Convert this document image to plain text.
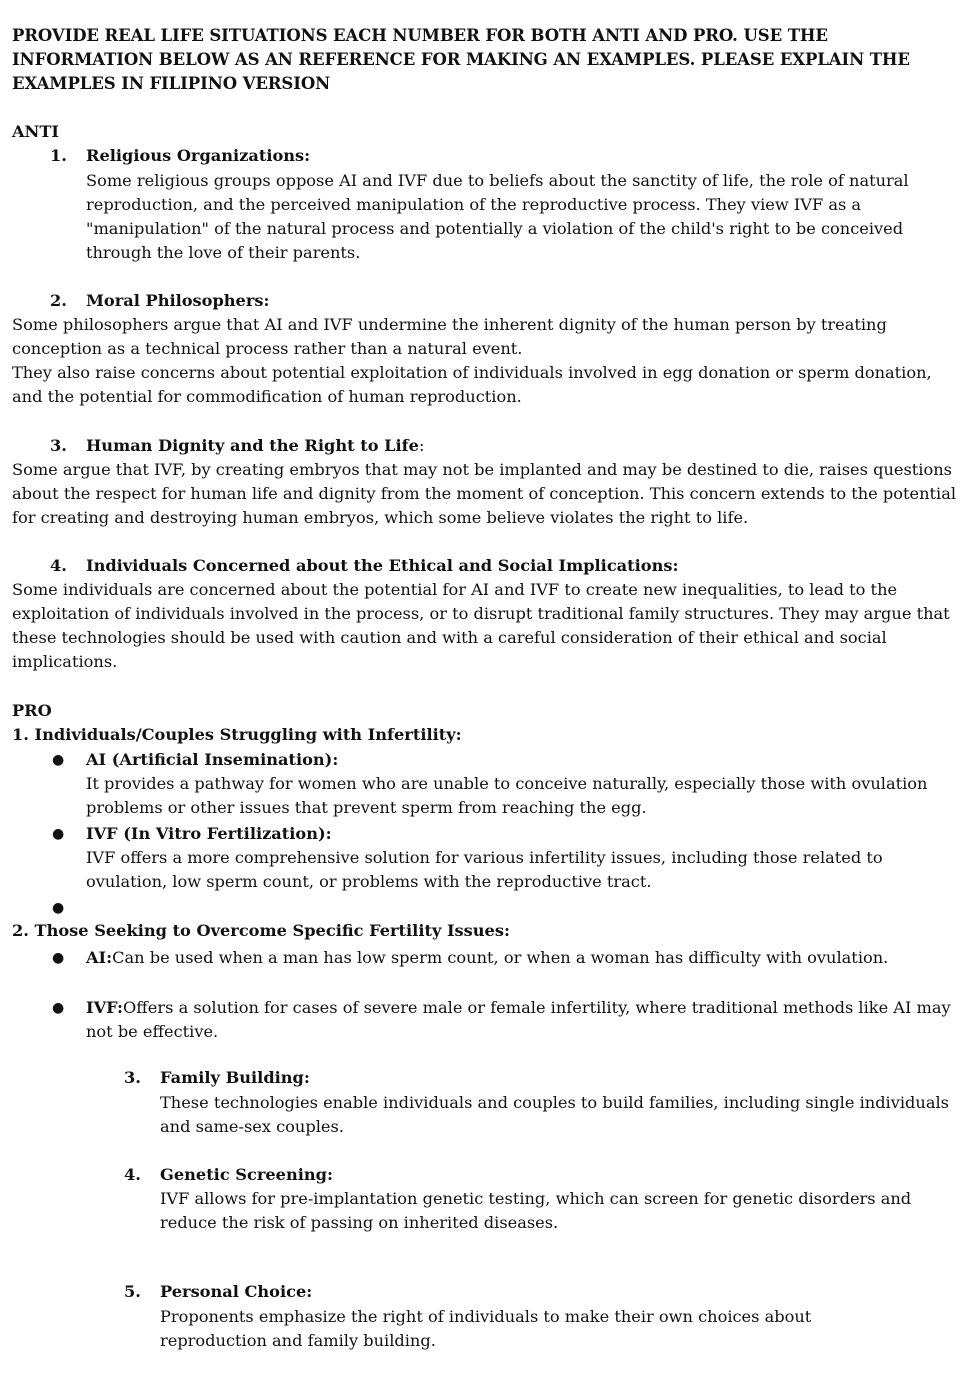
PROVIDE REAL LIFE SITUATIONS EACH NUMBER FOR BOTH ANTI AND PRO. USE THE INFORMATION BELOW AS AN REFERENCE FOR MAKING AN EXAMPLES. PLEASE EXPLAIN THE EXAMPLES IN FILIPINO VERSION
ANTI
1. Religious Organizations:
Some religious groups oppose AI and IVF due to beliefs about the sanctity of life, the role of natural reproduction, and the perceived manipulation of the reproductive process. They view IVF as a "manipulation" of the natural process and potentially a violation of the child's right to be conceived through the love of their parents.
2. Moral Philosophers:
Some philosophers argue that AI and IVF undermine the inherent dignity of the human person by treating conception as a technical process rather than a natural event.
They also raise concerns about potential exploitation of individuals involved in egg donation or sperm donation, and the potential for commodification of human reproduction.
3. Human Dignity and the Right to Life:
Some argue that IVF, by creating embryos that may not be implanted and may be destined to die, raises questions about the respect for human life and dignity from the moment of conception. This concern extends to the potential for creating and destroying human embryos, which some believe violates the right to life.
4. Individuals Concerned about the Ethical and Social Implications:
Some individuals are concerned about the potential for AI and IVF to create new inequalities, to lead to the exploitation of individuals involved in the process, or to disrupt traditional family structures. They may argue that these technologies should be used with caution and with a careful consideration of their ethical and social implications.
PRO
1. Individuals/Couples Struggling with Infertility:
● AI (Artificial Insemination):
It provides a pathway for women who are unable to conceive naturally, especially those with ovulation problems or other issues that prevent sperm from reaching the egg.
● IVF (In Vitro Fertilization):
IVF offers a more comprehensive solution for various infertility issues, including those related to ovulation, low sperm count, or problems with the reproductive tract.
●
2. Those Seeking to Overcome Specific Fertility Issues:
● AI:Can be used when a man has low sperm count, or when a woman has difficulty with ovulation.
● IVF:Offers a solution for cases of severe male or female infertility, where traditional methods like AI may not be effective.
3. Family Building:
These technologies enable individuals and couples to build families, including single individuals and same-sex couples.
4. Genetic Screening:
IVF allows for pre-implantation genetic testing, which can screen for genetic disorders and reduce the risk of passing on inherited diseases.
5. Personal Choice:
Proponents emphasize the right of individuals to make their own choices about reproduction and family building.
